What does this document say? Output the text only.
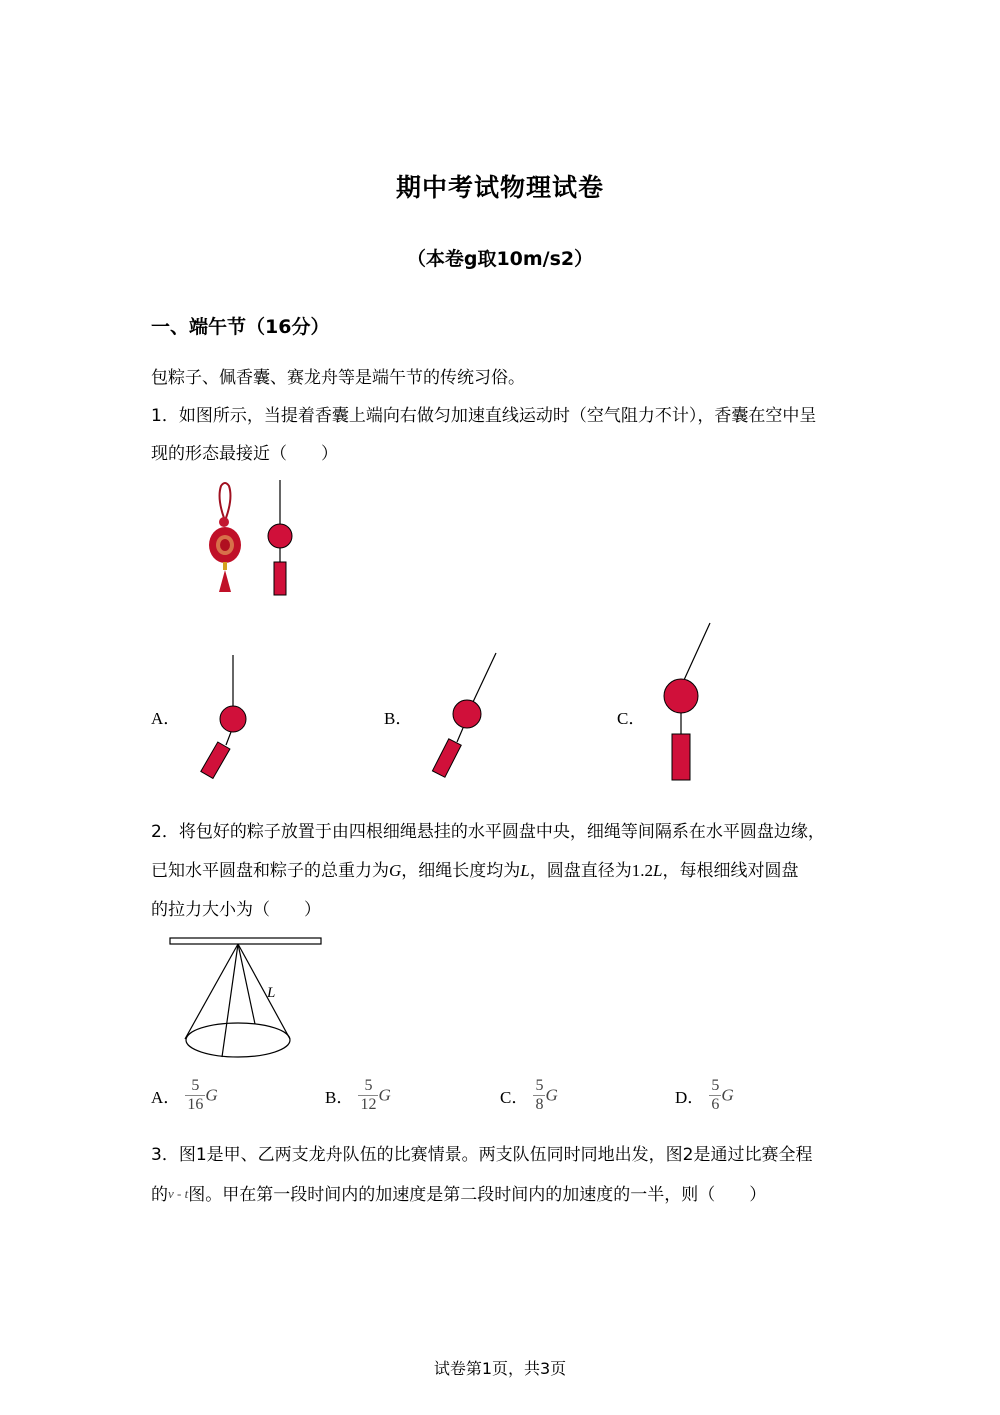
期中考试物理试卷
（本卷g取10m/s2）
一、端午节（16分）
包粽子、佩香囊、赛龙舟等是端午节的传统习俗。
1．如图所示，当提着香囊上端向右做匀加速直线运动时（空气阻力不计），香囊在空中呈
现的形态最接近（　　）
A．	B．	C．
2．将包好的粽子放置于由四根细绳悬挂的水平圆盘中央，细绳等间隔系在水平圆盘边缘，
已知水平圆盘和粽子的总重力为G，细绳长度均为L，圆盘直径为1.2L，每根细线对圆盘
的拉力大小为（　　）
L
A． $\frac{5}{16}$ G	B． $\frac{5}{12}$ G	C． $\frac{5}{8}$ G	D． $\frac{5}{6}$ G
3．图1是甲、乙两支龙舟队伍的比赛情景。两支队伍同时同地出发，图2是通过比赛全程
的v - t图。甲在第一段时间内的加速度是第二段时间内的加速度的一半，则（　　）
试卷第1页，共3页
